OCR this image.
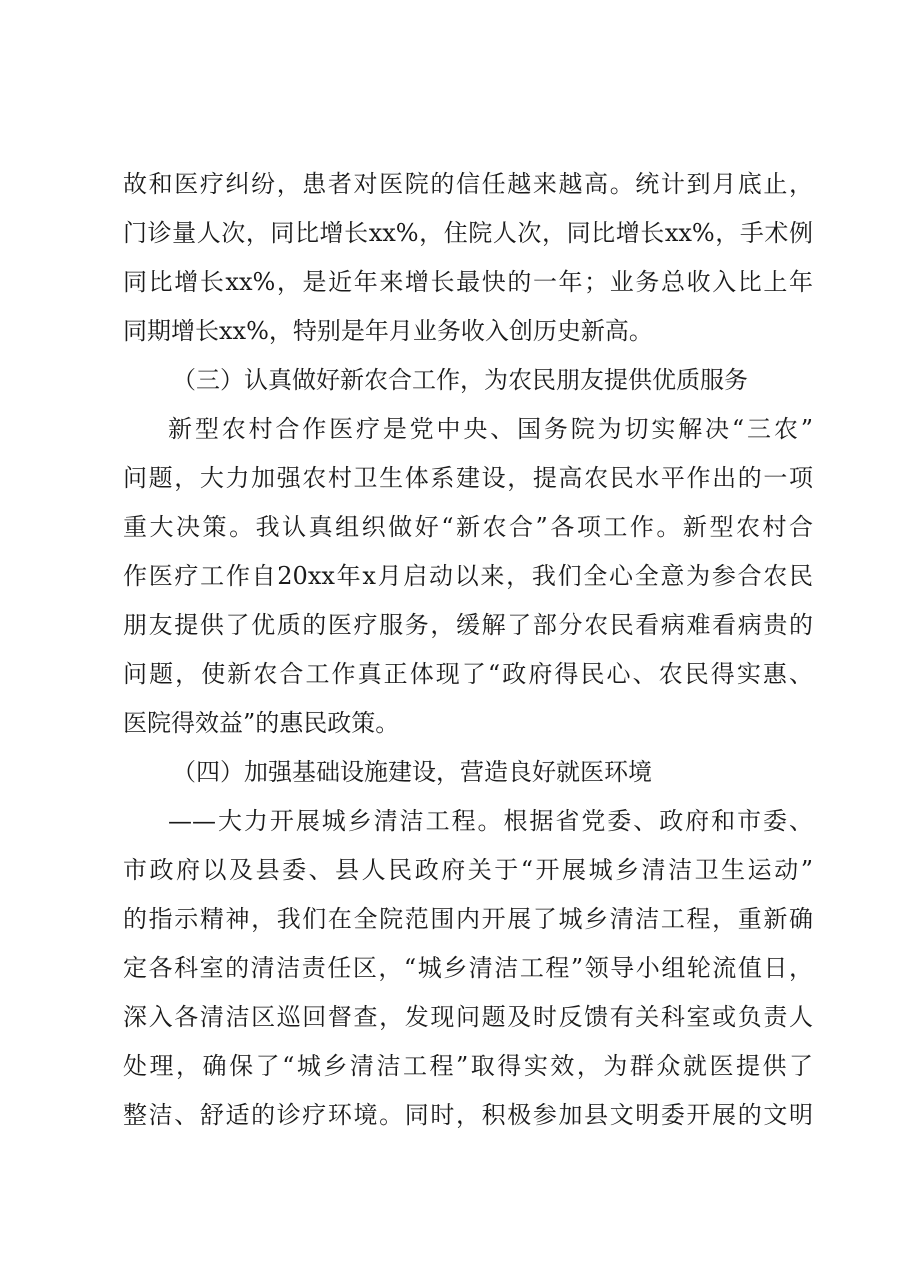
故和医疗纠纷，患者对医院的信任越来越高。统计到月底止，
门诊量人次，同比增长xx%，住院人次，同比增长xx%，手术例
同比增长xx%，是近年来增长最快的一年；业务总收入比上年
同期增长xx%，特别是年月业务收入创历史新高。
（三）认真做好新农合工作，为农民朋友提供优质服务
新型农村合作医疗是党中央、国务院为切实解决“三农”
问题，大力加强农村卫生体系建设，提高农民水平作出的一项
重大决策。我认真组织做好“新农合”各项工作。新型农村合
作医疗工作自20xx年x月启动以来，我们全心全意为参合农民
朋友提供了优质的医疗服务，缓解了部分农民看病难看病贵的
问题，使新农合工作真正体现了“政府得民心、农民得实惠、
医院得效益”的惠民政策。
（四）加强基础设施建设，营造良好就医环境
——大力开展城乡清洁工程。根据省党委、政府和市委、
市政府以及县委、县人民政府关于“开展城乡清洁卫生运动”
的指示精神，我们在全院范围内开展了城乡清洁工程，重新确
定各科室的清洁责任区，“城乡清洁工程”领导小组轮流值日，
深入各清洁区巡回督查，发现问题及时反馈有关科室或负责人
处理，确保了“城乡清洁工程”取得实效，为群众就医提供了
整洁、舒适的诊疗环境。同时，积极参加县文明委开展的文明
